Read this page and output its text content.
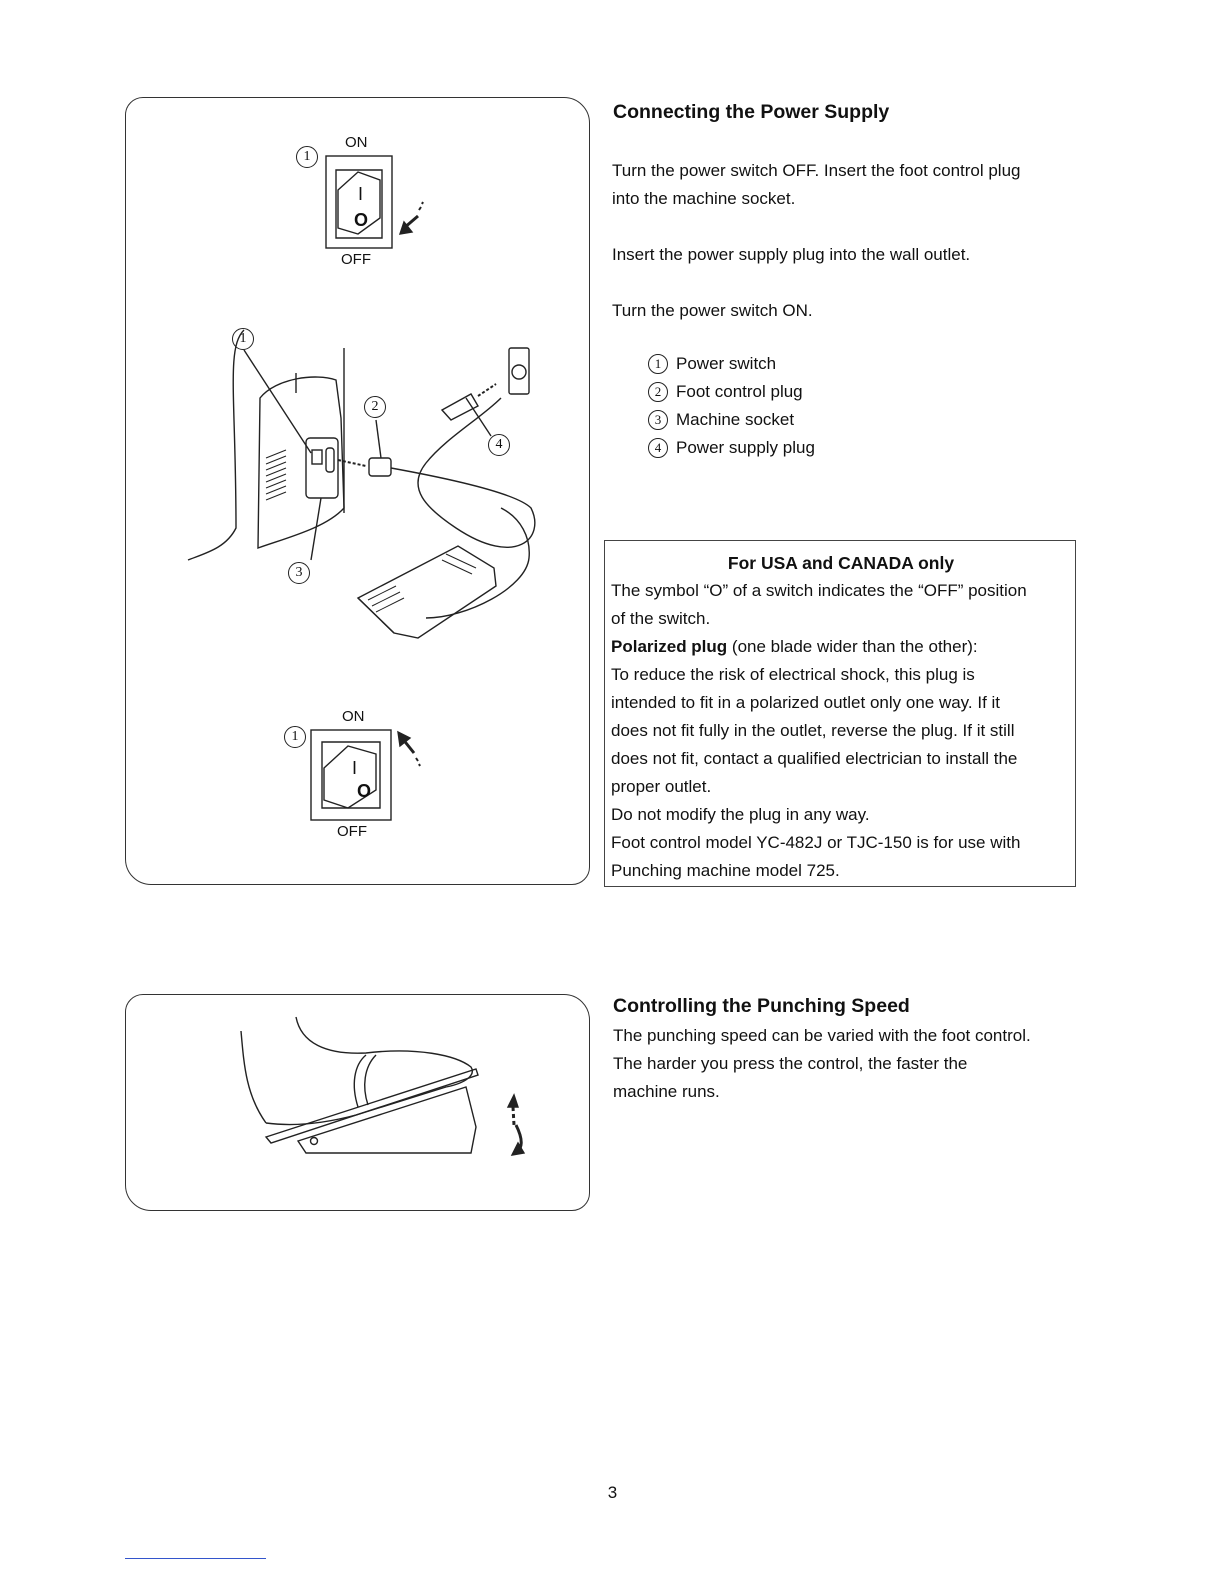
ON
OFF
1
I
O
1
2
3
4
ON
OFF
1
I
O
Connecting the Power Supply
Turn the power switch OFF. Insert the foot control plug
into the machine socket.
Insert the power supply plug into the wall outlet.
Turn the power switch ON.
1 Power switch
2 Foot control plug
3 Machine socket
4 Power supply plug
For USA and CANADA only
The symbol “O” of a switch indicates the “OFF” position
of the switch.
Polarized plug (one blade wider than the other):
To reduce the risk of electrical shock, this plug is
intended to fit in a polarized outlet only one way. If it
does not fit fully in the outlet, reverse the plug. If it still
does not fit, contact a qualified electrician to install the
proper outlet.
Do not modify the plug in any way.
Foot control model YC-482J or TJC-150 is for use with
Punching machine model 725.
Controlling the Punching Speed
The punching speed can be varied with the foot control.
The harder you press the control, the faster the
machine runs.
3
